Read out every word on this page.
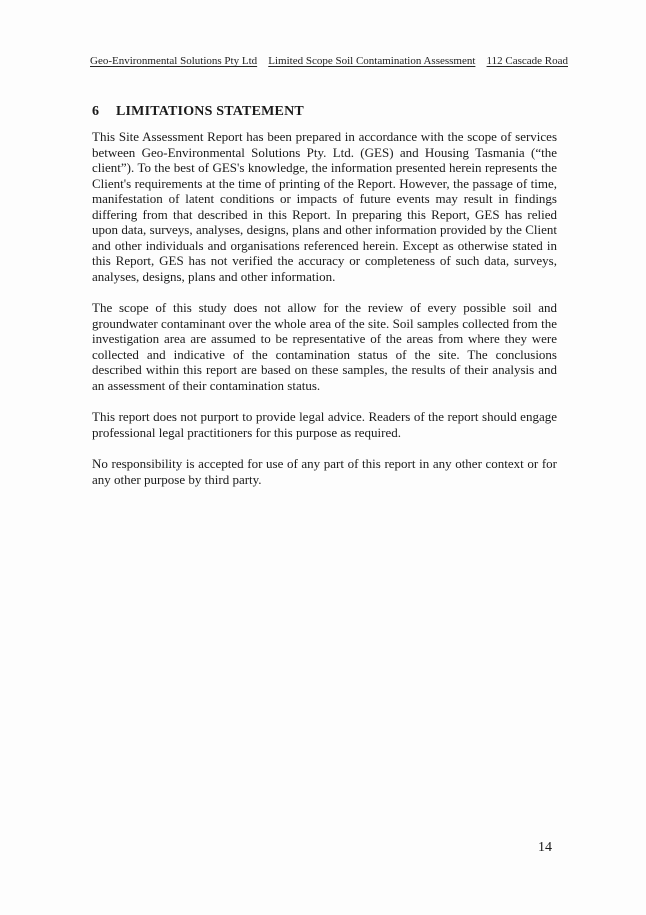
Geo-Environmental Solutions Pty Ltd Limited Scope Soil Contamination Assessment 112 Cascade Road
6 LIMITATIONS STATEMENT

This Site Assessment Report has been prepared in accordance with the scope of services between Geo-Environmental Solutions Pty. Ltd. (GES) and Housing Tasmania (“the client”). To the best of GES's knowledge, the information presented herein represents the Client's requirements at the time of printing of the Report. However, the passage of time, manifestation of latent conditions or impacts of future events may result in findings differing from that described in this Report. In preparing this Report, GES has relied upon data, surveys, analyses, designs, plans and other information provided by the Client and other individuals and organisations referenced herein. Except as otherwise stated in this Report, GES has not verified the accuracy or completeness of such data, surveys, analyses, designs, plans and other information.

The scope of this study does not allow for the review of every possible soil and groundwater contaminant over the whole area of the site. Soil samples collected from the investigation area are assumed to be representative of the areas from where they were collected and indicative of the contamination status of the site. The conclusions described within this report are based on these samples, the results of their analysis and an assessment of their contamination status.

This report does not purport to provide legal advice. Readers of the report should engage professional legal practitioners for this purpose as required.

No responsibility is accepted for use of any part of this report in any other context or for any other purpose by third party.

14
